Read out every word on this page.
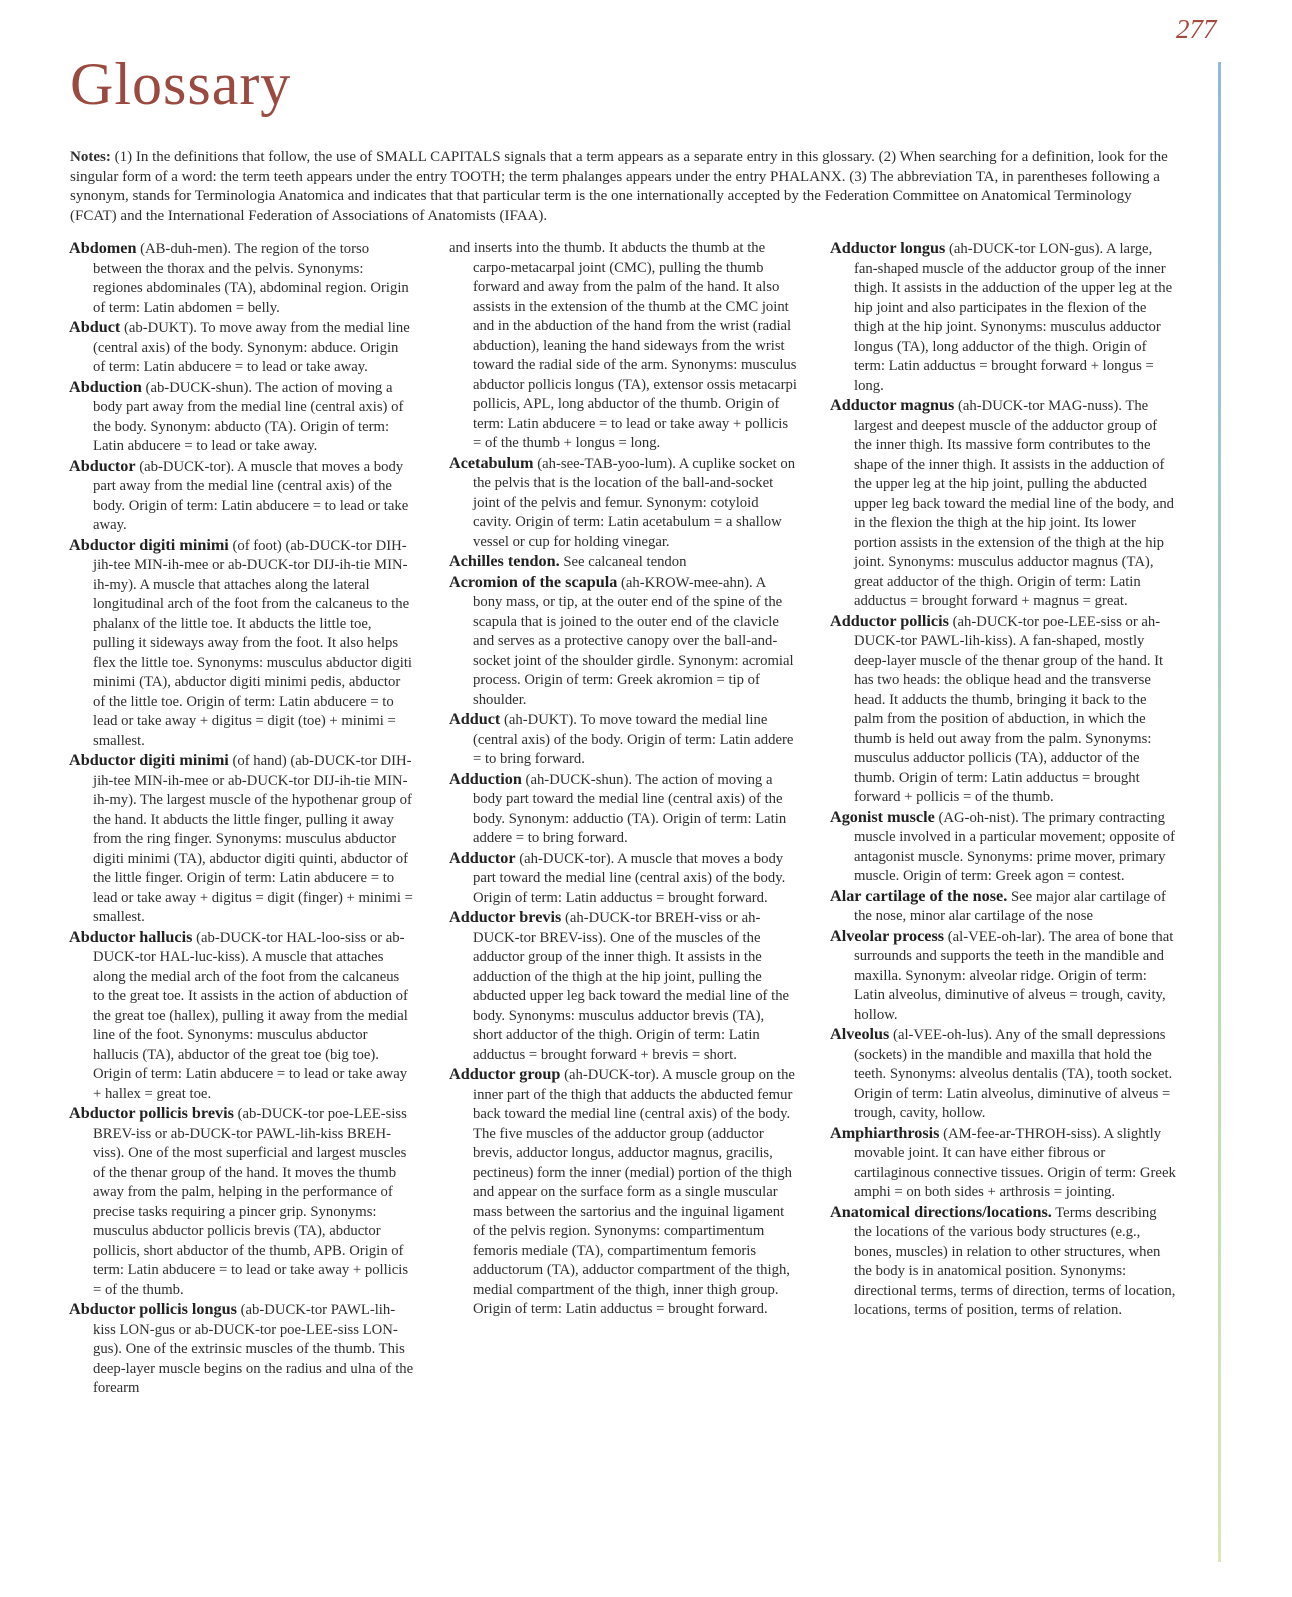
277
Glossary

Notes: (1) In the definitions that follow, the use of SMALL CAPITALS signals that a term appears as a separate entry in this glossary. (2) When searching for a definition, look for the singular form of a word: the term teeth appears under the entry TOOTH; the term phalanges appears under the entry PHALANX. (3) The abbreviation TA, in parentheses following a synonym, stands for Terminologia Anatomica and indicates that that particular term is the one internationally accepted by the Federation Committee on Anatomical Terminology (FCAT) and the International Federation of Associations of Anatomists (IFAA).

Abdomen (AB-duh-men). The region of the torso between the thorax and the pelvis. Synonyms: regiones abdominales (TA), abdominal region. Origin of term: Latin abdomen = belly.

Abduct (ab-DUKT). To move away from the medial line (central axis) of the body. Synonym: abduce. Origin of term: Latin abducere = to lead or take away.

Abduction (ab-DUCK-shun). The action of moving a body part away from the medial line (central axis) of the body. Synonym: abducto (TA). Origin of term: Latin abducere = to lead or take away.

Abductor (ab-DUCK-tor). A muscle that moves a body part away from the medial line (central axis) of the body. Origin of term: Latin abducere = to lead or take away.

Abductor digiti minimi (of foot) (ab-DUCK-tor DIH-jih-tee MIN-ih-mee or ab-DUCK-tor DIJ-ih-tie MIN-ih-my). A muscle that attaches along the lateral longitudinal arch of the foot from the calcaneus to the phalanx of the little toe. It abducts the little toe, pulling it sideways away from the foot. It also helps flex the little toe. Synonyms: musculus abductor digiti minimi (TA), abductor digiti minimi pedis, abductor of the little toe. Origin of term: Latin abducere = to lead or take away + digitus = digit (toe) + minimi = smallest.

Abductor digiti minimi (of hand) (ab-DUCK-tor DIH-jih-tee MIN-ih-mee or ab-DUCK-tor DIJ-ih-tie MIN-ih-my). The largest muscle of the hypothenar group of the hand. It abducts the little finger, pulling it away from the ring finger. Synonyms: musculus abductor digiti minimi (TA), abductor digiti quinti, abductor of the little finger. Origin of term: Latin abducere = to lead or take away + digitus = digit (finger) + minimi = smallest.

Abductor hallucis (ab-DUCK-tor HAL-loo-siss or ab-DUCK-tor HAL-luc-kiss). A muscle that attaches along the medial arch of the foot from the calcaneus to the great toe. It assists in the action of abduction of the great toe (hallex), pulling it away from the medial line of the foot. Synonyms: musculus abductor hallucis (TA), abductor of the great toe (big toe). Origin of term: Latin abducere = to lead or take away + hallex = great toe.

Abductor pollicis brevis (ab-DUCK-tor poe-LEE-siss BREV-iss or ab-DUCK-tor PAWL-lih-kiss BREH-viss). One of the most superficial and largest muscles of the thenar group of the hand. It moves the thumb away from the palm, helping in the performance of precise tasks requiring a pincer grip. Synonyms: musculus abductor pollicis brevis (TA), abductor pollicis, short abductor of the thumb, APB. Origin of term: Latin abducere = to lead or take away + pollicis = of the thumb.

Abductor pollicis longus (ab-DUCK-tor PAWL-lih-kiss LON-gus or ab-DUCK-tor poe-LEE-siss LON-gus). One of the extrinsic muscles of the thumb. This deep-layer muscle begins on the radius and ulna of the forearm

and inserts into the thumb. It abducts the thumb at the carpo-metacarpal joint (CMC), pulling the thumb forward and away from the palm of the hand. It also assists in the extension of the thumb at the CMC joint and in the abduction of the hand from the wrist (radial abduction), leaning the hand sideways from the wrist toward the radial side of the arm. Synonyms: musculus abductor pollicis longus (TA), extensor ossis metacarpi pollicis, APL, long abductor of the thumb. Origin of term: Latin abducere = to lead or take away + pollicis = of the thumb + longus = long.

Acetabulum (ah-see-TAB-yoo-lum). A cuplike socket on the pelvis that is the location of the ball-and-socket joint of the pelvis and femur. Synonym: cotyloid cavity. Origin of term: Latin acetabulum = a shallow vessel or cup for holding vinegar.

Achilles tendon. See calcaneal tendon

Acromion of the scapula (ah-KROW-mee-ahn). A bony mass, or tip, at the outer end of the spine of the scapula that is joined to the outer end of the clavicle and serves as a protective canopy over the ball-and-socket joint of the shoulder girdle. Synonym: acromial process. Origin of term: Greek akromion = tip of shoulder.

Adduct (ah-DUKT). To move toward the medial line (central axis) of the body. Origin of term: Latin addere = to bring forward.

Adduction (ah-DUCK-shun). The action of moving a body part toward the medial line (central axis) of the body. Synonym: adductio (TA). Origin of term: Latin addere = to bring forward.

Adductor (ah-DUCK-tor). A muscle that moves a body part toward the medial line (central axis) of the body. Origin of term: Latin adductus = brought forward.

Adductor brevis (ah-DUCK-tor BREH-viss or ah-DUCK-tor BREV-iss). One of the muscles of the adductor group of the inner thigh. It assists in the adduction of the thigh at the hip joint, pulling the abducted upper leg back toward the medial line of the body. Synonyms: musculus adductor brevis (TA), short adductor of the thigh. Origin of term: Latin adductus = brought forward + brevis = short.

Adductor group (ah-DUCK-tor). A muscle group on the inner part of the thigh that adducts the abducted femur back toward the medial line (central axis) of the body. The five muscles of the adductor group (adductor brevis, adductor longus, adductor magnus, gracilis, pectineus) form the inner (medial) portion of the thigh and appear on the surface form as a single muscular mass between the sartorius and the inguinal ligament of the pelvis region. Synonyms: compartimentum femoris mediale (TA), compartimentum femoris adductorum (TA), adductor compartment of the thigh, medial compartment of the thigh, inner thigh group. Origin of term: Latin adductus = brought forward.

Adductor longus (ah-DUCK-tor LON-gus). A large, fan-shaped muscle of the adductor group of the inner thigh. It assists in the adduction of the upper leg at the hip joint and also participates in the flexion of the thigh at the hip joint. Synonyms: musculus adductor longus (TA), long adductor of the thigh. Origin of term: Latin adductus = brought forward + longus = long.

Adductor magnus (ah-DUCK-tor MAG-nuss). The largest and deepest muscle of the adductor group of the inner thigh. Its massive form contributes to the shape of the inner thigh. It assists in the adduction of the upper leg at the hip joint, pulling the abducted upper leg back toward the medial line of the body, and in the flexion the thigh at the hip joint. Its lower portion assists in the extension of the thigh at the hip joint. Synonyms: musculus adductor magnus (TA), great adductor of the thigh. Origin of term: Latin adductus = brought forward + magnus = great.

Adductor pollicis (ah-DUCK-tor poe-LEE-siss or ah-DUCK-tor PAWL-lih-kiss). A fan-shaped, mostly deep-layer muscle of the thenar group of the hand. It has two heads: the oblique head and the transverse head. It adducts the thumb, bringing it back to the palm from the position of abduction, in which the thumb is held out away from the palm. Synonyms: musculus adductor pollicis (TA), adductor of the thumb. Origin of term: Latin adductus = brought forward + pollicis = of the thumb.

Agonist muscle (AG-oh-nist). The primary contracting muscle involved in a particular movement; opposite of antagonist muscle. Synonyms: prime mover, primary muscle. Origin of term: Greek agon = contest.

Alar cartilage of the nose. See major alar cartilage of the nose, minor alar cartilage of the nose

Alveolar process (al-VEE-oh-lar). The area of bone that surrounds and supports the teeth in the mandible and maxilla. Synonym: alveolar ridge. Origin of term: Latin alveolus, diminutive of alveus = trough, cavity, hollow.

Alveolus (al-VEE-oh-lus). Any of the small depressions (sockets) in the mandible and maxilla that hold the teeth. Synonyms: alveolus dentalis (TA), tooth socket. Origin of term: Latin alveolus, diminutive of alveus = trough, cavity, hollow.

Amphiarthrosis (AM-fee-ar-THROH-siss). A slightly movable joint. It can have either fibrous or cartilaginous connective tissues. Origin of term: Greek amphi = on both sides + arthrosis = jointing.

Anatomical directions/locations. Terms describing the locations of the various body structures (e.g., bones, muscles) in relation to other structures, when the body is in anatomical position. Synonyms: directional terms, terms of direction, terms of location, locations, terms of position, terms of relation.
